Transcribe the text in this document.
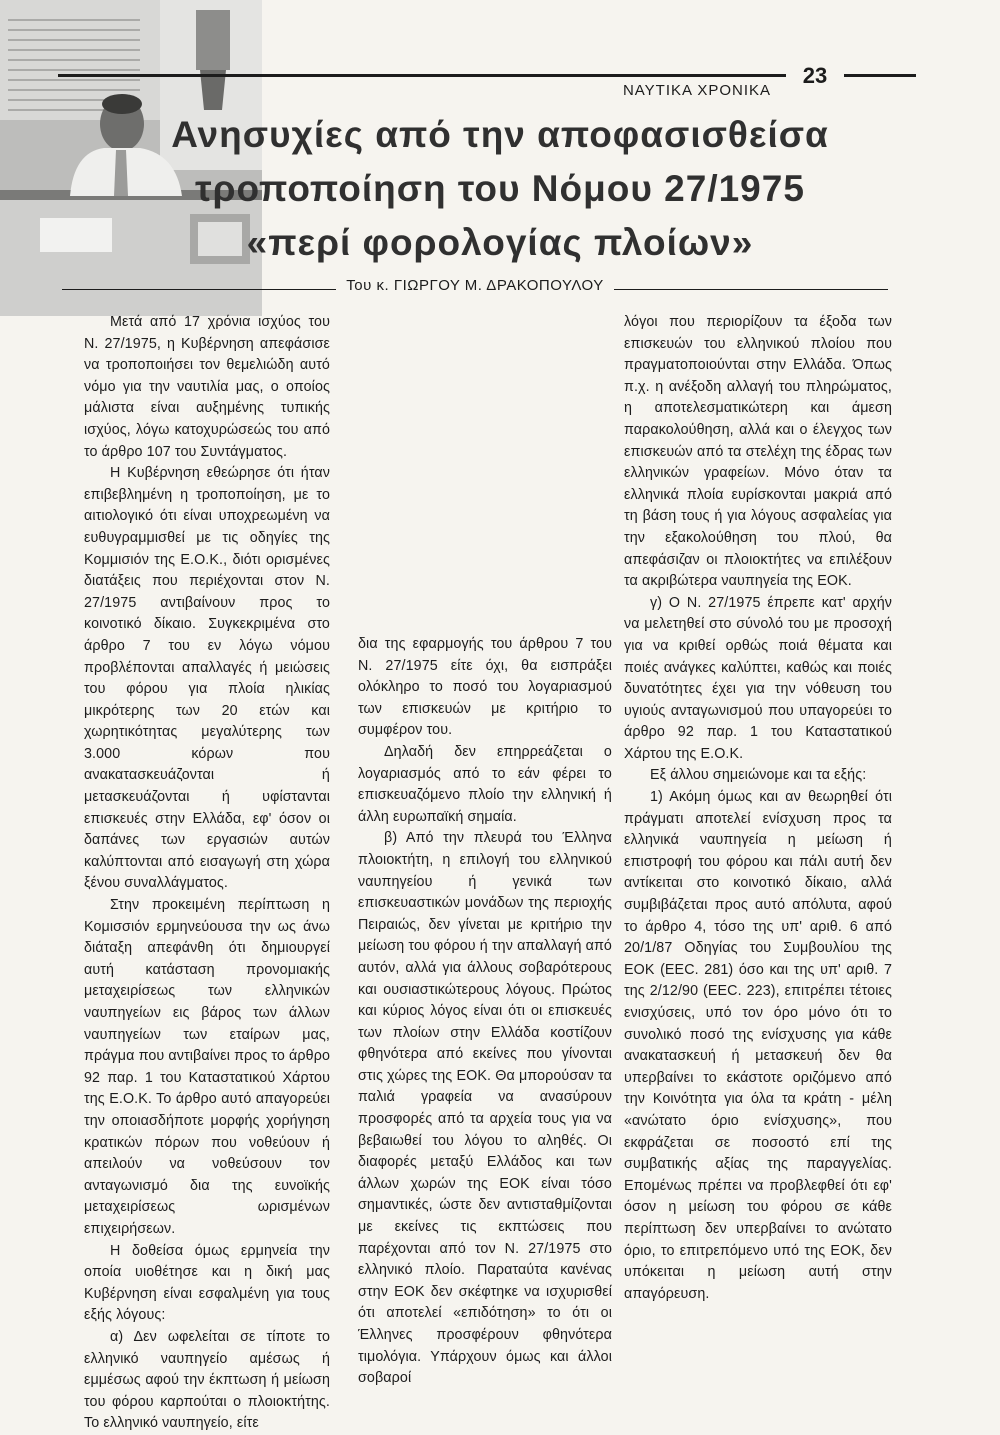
ΝΑΥΤΙΚΑ ΧΡΟΝΙΚΑ
23
Ανησυχίες από την αποφασισθείσα
τροποποίηση του Νόμου 27/1975
«περί φορολογίας πλοίων»
Του κ. ΓΙΩΡΓΟΥ Μ. ΔΡΑΚΟΠΟΥΛΟΥ

Μετά από 17 χρόνια ισχύος του Ν. 27/1975, η Κυβέρνηση απεφάσισε να τροποποιήσει τον θεμελιώδη αυτό νόμο για την ναυτιλία μας, ο οποίος μάλιστα είναι αυξημένης τυπικής ισχύος, λόγω κατοχυρώσεώς του από το άρθρο 107 του Συντάγματος.

Η Κυβέρνηση εθεώρησε ότι ήταν επιβεβλημένη η τροποποίηση, με το αιτιολογικό ότι είναι υποχρεωμένη να ευθυγραμμισθεί με τις οδηγίες της Κομμισιόν της Ε.Ο.Κ., διότι ορισμένες διατάξεις που περιέχονται στον Ν. 27/1975 αντιβαίνουν προς το κοινοτικό δίκαιο. Συγκεκριμένα στο άρθρο 7 του εν λόγω νόμου προβλέπονται απαλλαγές ή μειώσεις του φόρου για πλοία ηλικίας μικρότερης των 20 ετών και χωρητικότητας μεγαλύτερης των 3.000 κόρων που ανακατασκευάζονται ή μετασκευάζονται ή υφίστανται επισκευές στην Ελλάδα, εφ' όσον οι δαπάνες των εργασιών αυτών καλύπτονται από εισαγωγή στη χώρα ξένου συναλλάγματος.

Στην προκειμένη περίπτωση η Κομισσιόν ερμηνεύουσα την ως άνω διάταξη απεφάνθη ότι δημιουργεί αυτή κατάσταση προνομιακής μεταχειρίσεως των ελληνικών ναυπηγείων εις βάρος των άλλων ναυπηγείων των εταίρων μας, πράγμα που αντιβαίνει προς το άρθρο 92 παρ. 1 του Καταστατικού Χάρτου της Ε.Ο.Κ. Το άρθρο αυτό απαγορεύει την οποιασδήποτε μορφής χορήγηση κρατικών πόρων που νοθεύουν ή απειλούν να νοθεύσουν τον ανταγωνισμό δια της ευνοϊκής μεταχειρίσεως ωρισμένων επιχειρήσεων.

Η δοθείσα όμως ερμηνεία την οποία υιοθέτησε και η δική μας Κυβέρνηση είναι εσφαλμένη για τους εξής λόγους:

α) Δεν ωφελείται σε τίποτε το ελληνικό ναυπηγείο αμέσως ή εμμέσως αφού την έκπτωση ή μείωση του φόρου καρπούται ο πλοιοκτήτης. Το ελληνικό ναυπηγείο, είτε

δια της εφαρμογής του άρθρου 7 του Ν. 27/1975 είτε όχι, θα εισπράξει ολόκληρο το ποσό του λογαριασμού των επισκευών με κριτήριο το συμφέρον του.

Δηλαδή δεν επηρρεάζεται ο λογαριασμός από το εάν φέρει το επισκευαζόμενο πλοίο την ελληνική ή άλλη ευρωπαϊκή σημαία.

β) Από την πλευρά του Έλληνα πλοιοκτήτη, η επιλογή του ελληνικού ναυπηγείου ή γενικά των επισκευαστικών μονάδων της περιοχής Πειραιώς, δεν γίνεται με κριτήριο την μείωση του φόρου ή την απαλλαγή από αυτόν, αλλά για άλλους σοβαρότερους και ουσιαστικώτερους λόγους. Πρώτος και κύριος λόγος είναι ότι οι επισκευές των πλοίων στην Ελλάδα κοστίζουν φθηνότερα από εκείνες που γίνονται στις χώρες της ΕΟΚ. Θα μπορούσαν τα παλιά γραφεία να ανασύρουν προσφορές από τα αρχεία τους για να βεβαιωθεί του λόγου το αληθές. Οι διαφορές μεταξύ Ελλάδος και των άλλων χωρών της ΕΟΚ είναι τόσο σημαντικές, ώστε δεν αντισταθμίζονται με εκείνες τις εκπτώσεις που παρέχονται από τον Ν. 27/1975 στο ελληνικό πλοίο. Παραταύτα κανένας στην ΕΟΚ δεν σκέφτηκε να ισχυρισθεί ότι αποτελεί «επιδότηση» το ότι οι Έλληνες προσφέρουν φθηνότερα τιμολόγια. Υπάρχουν όμως και άλλοι σοβαροί

λόγοι που περιορίζουν τα έξοδα των επισκευών του ελληνικού πλοίου που πραγματοποιούνται στην Ελλάδα. Όπως π.χ. η ανέξοδη αλλαγή του πληρώματος, η αποτελεσματικώτερη και άμεση παρακολούθηση, αλλά και ο έλεγχος των επισκευών από τα στελέχη της έδρας των ελληνικών γραφείων. Μόνο όταν τα ελληνικά πλοία ευρίσκονται μακριά από τη βάση τους ή για λόγους ασφαλείας για την εξακολούθηση του πλού, θα απεφάσιζαν οι πλοιοκτήτες να επιλέξουν τα ακριβώτερα ναυπηγεία της ΕΟΚ.

γ) Ο Ν. 27/1975 έπρεπε κατ' αρχήν να μελετηθεί στο σύνολό του με προσοχή για να κριθεί ορθώς ποιά θέματα και ποιές ανάγκες καλύπτει, καθώς και ποιές δυνατότητες έχει για την νόθευση του υγιούς ανταγωνισμού που υπαγορεύει το άρθρο 92 παρ. 1 του Καταστατικού Χάρτου της Ε.Ο.Κ.

Εξ άλλου σημειώνομε και τα εξής:

1) Ακόμη όμως και αν θεωρηθεί ότι πράγματι αποτελεί ενίσχυση προς τα ελληνικά ναυπηγεία η μείωση ή επιστροφή του φόρου και πάλι αυτή δεν αντίκειται στο κοινοτικό δίκαιο, αλλά συμβιβάζεται προς αυτό απόλυτα, αφού το άρθρο 4, τόσο της υπ' αριθ. 6 από 20/1/87 Οδηγίας του Συμβουλίου της ΕΟΚ (ΕΕC. 281) όσο και της υπ' αριθ. 7 της 2/12/90 (ΕΕC. 223), επιτρέπει τέτοιες ενισχύσεις, υπό τον όρο μόνο ότι το συνολικό ποσό της ενίσχυσης για κάθε ανακατασκευή ή μετασκευή δεν θα υπερβαίνει το εκάστοτε οριζόμενο από την Κοινότητα για όλα τα κράτη - μέλη «ανώτατο όριο ενίσχυσης», που εκφράζεται σε ποσοστό επί της συμβατικής αξίας της παραγγελίας. Επομένως πρέπει να προβλεφθεί ότι εφ' όσον η μείωση του φόρου σε κάθε περίπτωση δεν υπερβαίνει το ανώτατο όριο, το επιτρεπόμενο υπό της ΕΟΚ, δεν υπόκειται η μείωση αυτή στην απαγόρευση.
